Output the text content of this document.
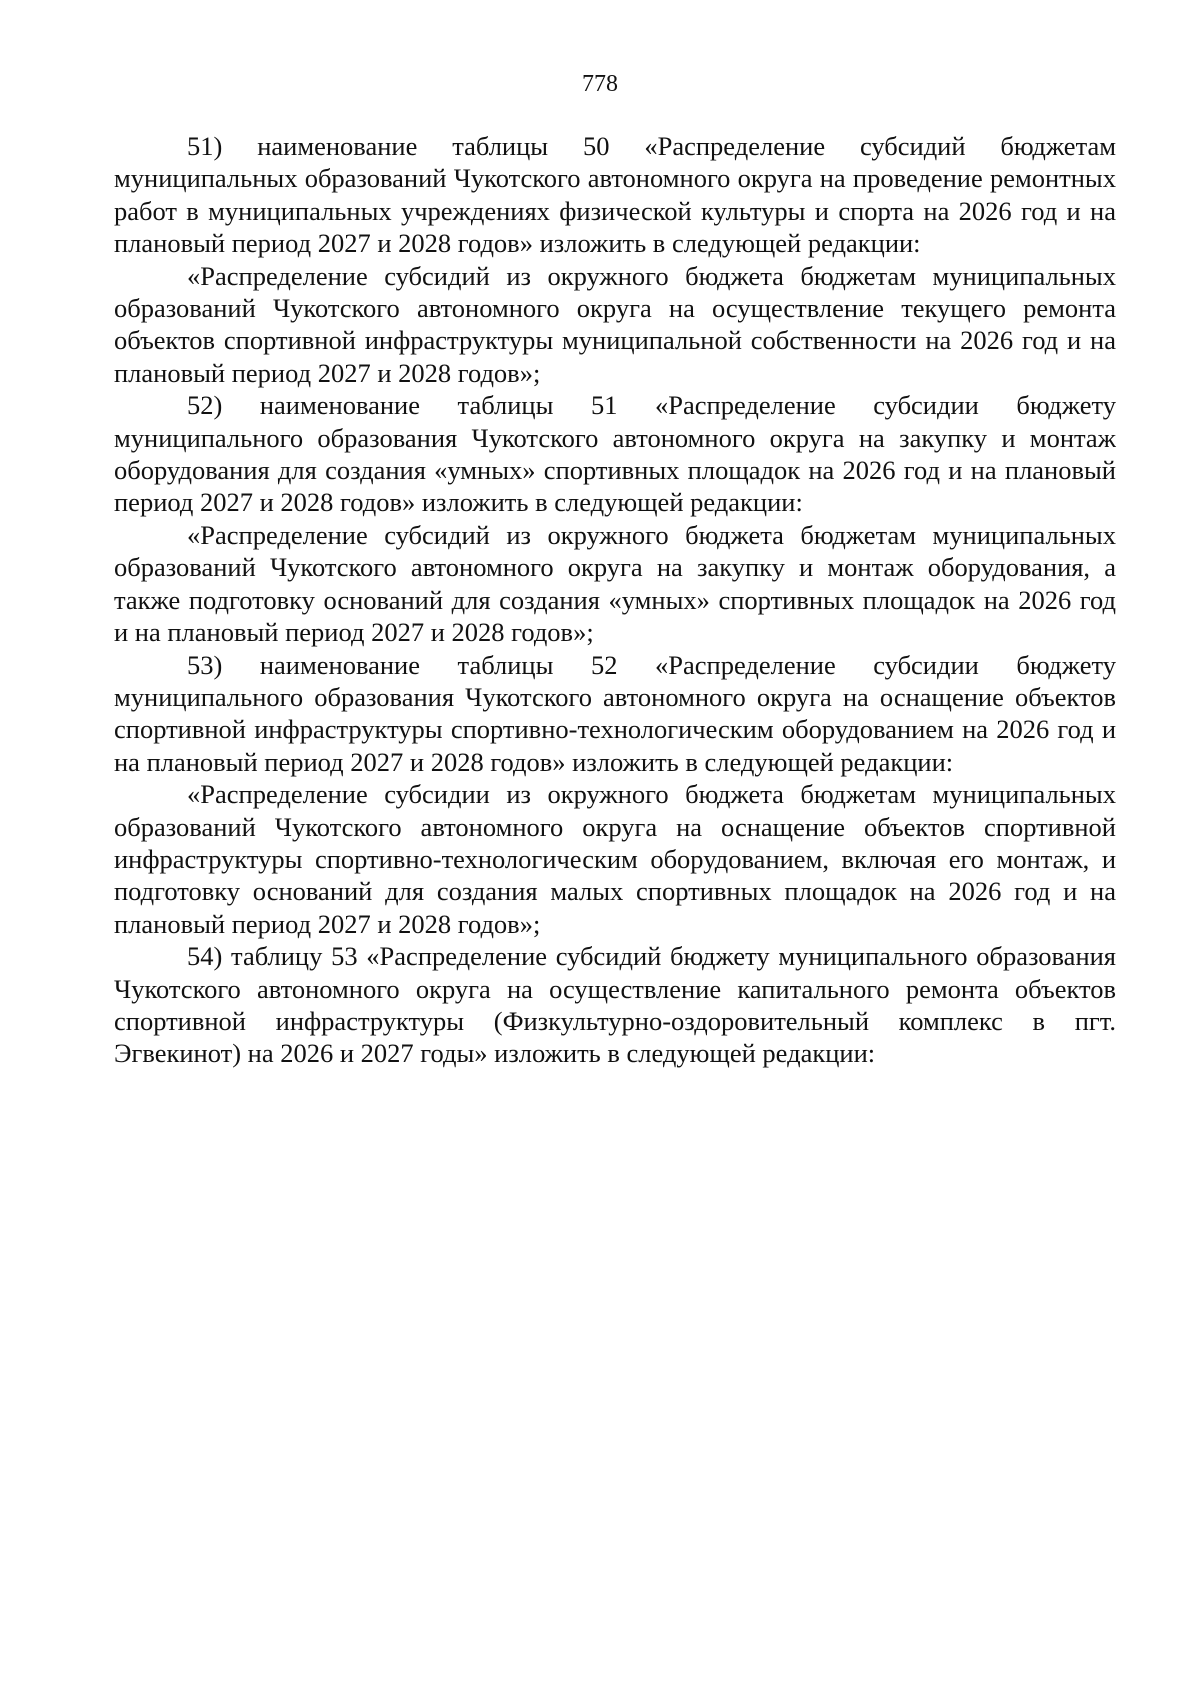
778

51) наименование таблицы 50 «Распределение субсидий бюджетам муниципальных образований Чукотского автономного округа на проведение ремонтных работ в муниципальных учреждениях физической культуры и спорта на 2026 год и на плановый период 2027 и 2028 годов» изложить в следующей редакции:

«Распределение субсидий из окружного бюджета бюджетам муниципальных образований Чукотского автономного округа на осуществление текущего ремонта объектов спортивной инфраструктуры муниципальной собственности на 2026 год и на плановый период 2027 и 2028 годов»;

52) наименование таблицы 51 «Распределение субсидии бюджету муниципального образования Чукотского автономного округа на закупку и монтаж оборудования для создания «умных» спортивных площадок на 2026 год и на плановый период 2027 и 2028 годов» изложить в следующей редакции:

«Распределение субсидий из окружного бюджета бюджетам муниципальных образований Чукотского автономного округа на закупку и монтаж оборудования, а также подготовку оснований для создания «умных» спортивных площадок на 2026 год и на плановый период 2027 и 2028 годов»;

53) наименование таблицы 52 «Распределение субсидии бюджету муниципального образования Чукотского автономного округа на оснащение объектов спортивной инфраструктуры спортивно-технологическим оборудованием на 2026 год и на плановый период 2027 и 2028 годов» изложить в следующей редакции:

«Распределение субсидии из окружного бюджета бюджетам муниципальных образований Чукотского автономного округа на оснащение объектов спортивной инфраструктуры спортивно-технологическим оборудованием, включая его монтаж, и подготовку оснований для создания малых спортивных площадок на 2026 год и на плановый период 2027 и 2028 годов»;

54) таблицу 53 «Распределение субсидий бюджету муниципального образования Чукотского автономного округа на осуществление капитального ремонта объектов спортивной инфраструктуры (Физкультурно-оздоровительный комплекс в пгт. Эгвекинот) на 2026 и 2027 годы» изложить в следующей редакции:
